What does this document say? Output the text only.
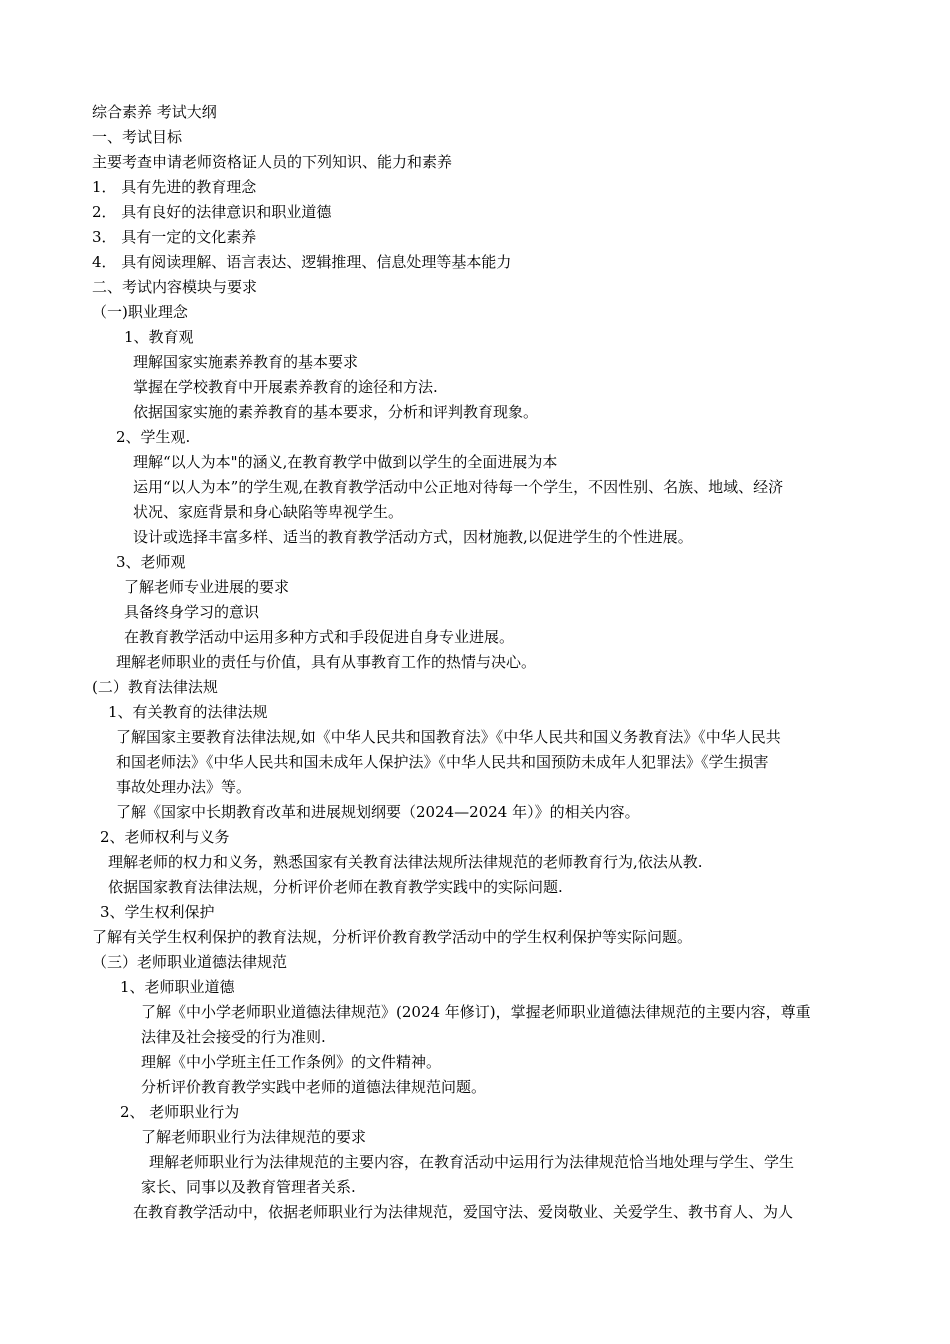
综合素养 考试大纲
一、考试目标
主要考查申请老师资格证人员的下列知识、能力和素养
1． 具有先进的教育理念
2． 具有良好的法律意识和职业道德
3． 具有一定的文化素养
4． 具有阅读理解、语言表达、逻辑推理、信息处理等基本能力
二、考试内容模块与要求
（一)职业理念
1、教育观
理解国家实施素养教育的基本要求
掌握在学校教育中开展素养教育的途径和方法.
依据国家实施的素养教育的基本要求，分析和评判教育现象。
2、学生观.
理解“以人为本"的涵义,在教育教学中做到以学生的全面进展为本
运用“以人为本”的学生观,在教育教学活动中公正地对待每一个学生，不因性别、名族、地域、经济
状况、家庭背景和身心缺陷等卑视学生。
设计或选择丰富多样、适当的教育教学活动方式，因材施教,以促进学生的个性进展。
3、老师观
了解老师专业进展的要求
具备终身学习的意识
在教育教学活动中运用多种方式和手段促进自身专业进展。
理解老师职业的责任与价值，具有从事教育工作的热情与决心。
(二）教育法律法规
1、有关教育的法律法规
了解国家主要教育法律法规,如《中华人民共和国教育法》《中华人民共和国义务教育法》《中华人民共
和国老师法》《中华人民共和国未成年人保护法》《中华人民共和国预防未成年人犯罪法》《学生损害
事故处理办法》等。
了解《国家中长期教育改革和进展规划纲要（2024—2024 年）》的相关内容。
2、老师权利与义务
理解老师的权力和义务，熟悉国家有关教育法律法规所法律规范的老师教育行为,依法从教.
依据国家教育法律法规，分析评价老师在教育教学实践中的实际问题.
3、学生权利保护
了解有关学生权利保护的教育法规，分析评价教育教学活动中的学生权利保护等实际问题。
（三）老师职业道德法律规范
1、老师职业道德
了解《中小学老师职业道德法律规范》(2024 年修订)，掌握老师职业道德法律规范的主要内容，尊重
法律及社会接受的行为准则.
理解《中小学班主任工作条例》的文件精神。
分析评价教育教学实践中老师的道德法律规范问题。
2、 老师职业行为
了解老师职业行为法律规范的要求
理解老师职业行为法律规范的主要内容，在教育活动中运用行为法律规范恰当地处理与学生、学生
家长、同事以及教育管理者关系.
在教育教学活动中，依据老师职业行为法律规范，爱国守法、爱岗敬业、关爱学生、教书育人、为人
